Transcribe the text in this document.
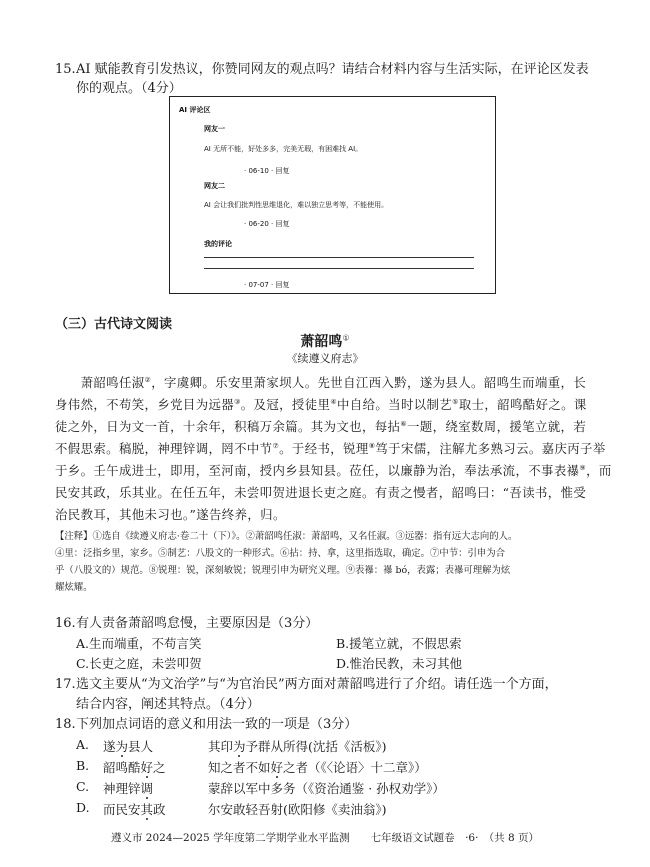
15. AI 赋能教育引发热议，你赞同网友的观点吗？请结合材料内容与生活实际，在评论区发表
你的观点。（4分）
AI 评论区
网友一
AI 无所不能，好处多多，完美无瑕，有困难找 AI。
· 06-10 · 回复
网友二
AI 会让我们批判性思维退化，难以独立思考等，不能使用。
· 06-20 · 回复
我的评论
· 07-07 · 回复
（三）古代诗文阅读
萧韶鸣①
《续遵义府志》
　　萧韶鸣任淑②，字虞卿。乐安里萧家坝人。先世自江西入黔，遂为县人。韶鸣生而端重，长
身伟然，不苟笑，乡党目为远器③。及冠，授徒里④中自给。当时以制艺⑤取士，韶鸣酷好之。课
徒之外，日为文一首，十余年，积稿万余篇。其为文也，每拈⑥一题，绕室数周，援笔立就，若
不假思索。稿脱，神理锌调，罔不中节⑦。于经书，锐理⑧笃于宋儒，注解尤多熟习云。嘉庆丙子举
于乡。壬午成进士，即用，至河南，授内乡县知县。莅任，以廉静为治，奉法承流，不事表襮⑨，而
民安其政，乐其业。在任五年，未尝叩贺进退长吏之庭。有责之慢者，韶鸣曰：“吾读书，惟受
治民教耳，其他未习也。”遂告终养，归。
【注释】①选自《续遵义府志·卷二十（下）》。②萧韶鸣任淑：萧韶鸣，又名任淑。③远器：指有远大志向的人。
④里：泛指乡里，家乡。⑤制艺：八股文的一种形式。⑥拈：持、拿，这里指选取，确定。⑦中节：引申为合
乎（八股文的）规范。⑧锐理：锐，深刻敏锐；锐理引申为研究义理。⑨表襮：襮 bó，表露；表襮可理解为炫
耀炫耀。
16. 有人责备萧韶鸣怠慢，主要原因是（3分）
A.生而端重，不苟言笑	B.援笔立就，不假思索
C.长吏之庭，未尝叩贺	D.惟治民教，未习其他
17. 选文主要从“为文治学”与“为官治民”两方面对萧韶鸣进行了介绍。请任选一个方面，
结合内容，阐述其特点。（4分）
18. 下列加点词语的意义和用法一致的一项是（3分）
A. 遂为县人	其印为予群从所得(沈括《活板》)
B. 韶鸣酷好之	知之者不如好之者（《〈论语〉十二章》）
C. 神理锌调	蒙辞以军中多务（《资治通鉴 · 孙权劝学》）
D. 而民安其政	尔安敢轻吾射(欧阳修《卖油翁》)
遵义市 2024—2025 学年度第二学期学业水平监测　　七年级语文试题卷　·6·　（共 8 页）
